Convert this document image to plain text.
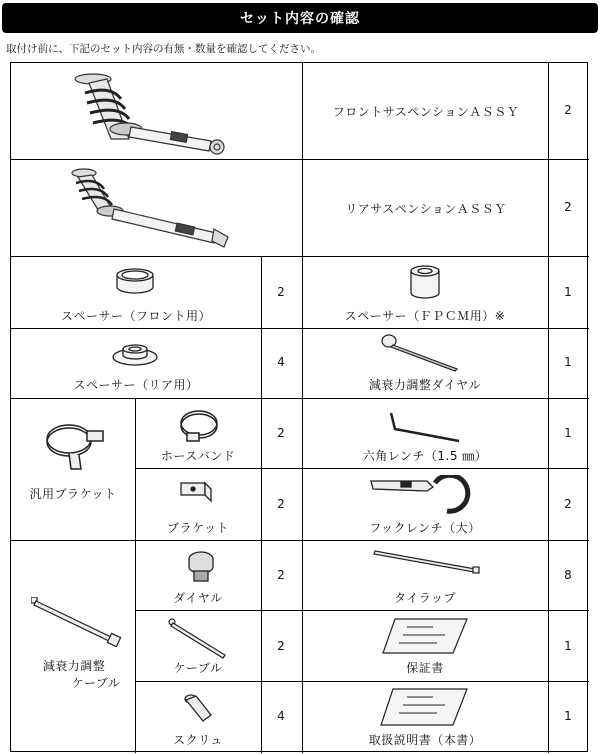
セット内容の確認
取付け前に、下記のセット内容の有無・数量を確認してください。
フロントサスペンションＡＳＳＹ	2
リアサスペンションＡＳＳＹ	2
スペーサー（フロント用）
2
スペーサー（ＦＰＣＭ用）※
1
スペーサー（リア用）
4
減衰力調整ダイヤル
1
汎用ブラケット
ホースバンド
2
六角レンチ（1.5 ㎜）
1
ブラケット
2
フックレンチ（大）
2
減衰力調整
ケーブル
ダイヤル
2
タイラップ
8
ケーブル
2
保証書
1
スクリュ
4
取扱説明書（本書）
1
